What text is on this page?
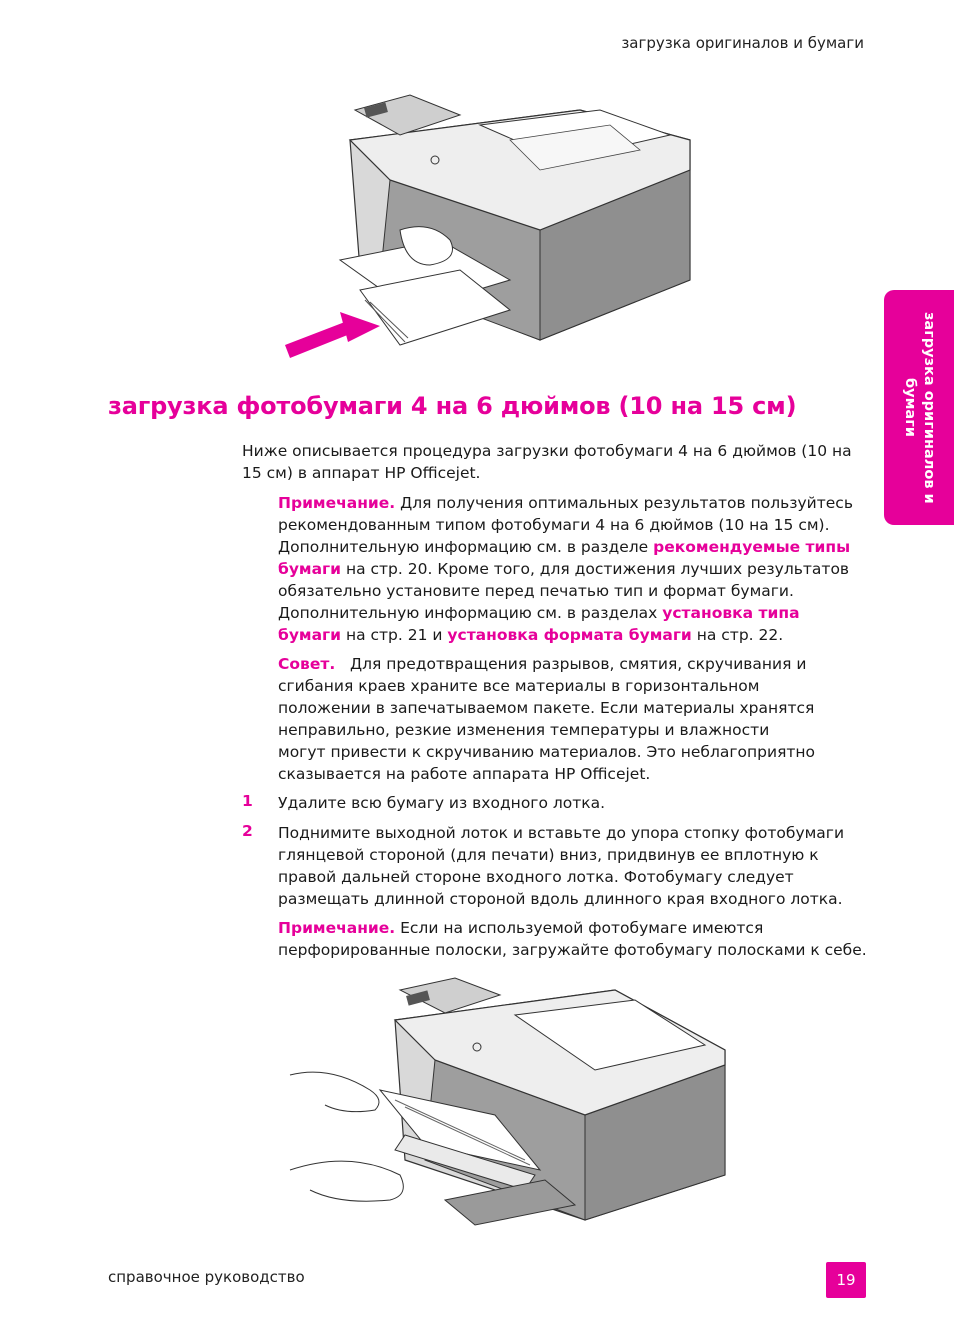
загрузка оригиналов и бумаги
загрузка оригиналов и
бумаги
загрузка фотобумаги 4 на 6 дюймов (10 на 15 см)
Ниже описывается процедура загрузки фотобумаги 4 на 6 дюймов (10 на 15 см) в аппарат HP Officejet.
Примечание. Для получения оптимальных результатов пользуйтесь рекомендованным типом фотобумаги 4 на 6 дюймов (10 на 15 см). Дополнительную информацию см. в разделе рекомендуемые типы бумаги на стр. 20. Кроме того, для достижения лучших результатов обязательно установите перед печатью тип и формат бумаги. Дополнительную информацию см. в разделах установка типа бумаги на стр. 21 и установка формата бумаги на стр. 22.
Совет. Для предотвращения разрывов, смятия, скручивания и сгибания краев храните все материалы в горизонтальном положении в запечатываемом пакете. Если материалы хранятся неправильно, резкие изменения температуры и влажности могут привести к скручиванию материалов. Это неблагоприятно сказывается на работе аппарата HP Officejet.
1 Удалите всю бумагу из входного лотка.
2 Поднимите выходной лоток и вставьте до упора стопку фотобумаги глянцевой стороной (для печати) вниз, придвинув ее вплотную к правой дальней стороне входного лотка. Фотобумагу следует размещать длинной стороной вдоль длинного края входного лотка.
Примечание. Если на используемой фотобумаге имеются перфорированные полоски, загружайте фотобумагу полосками к себе.
справочное руководство	19
